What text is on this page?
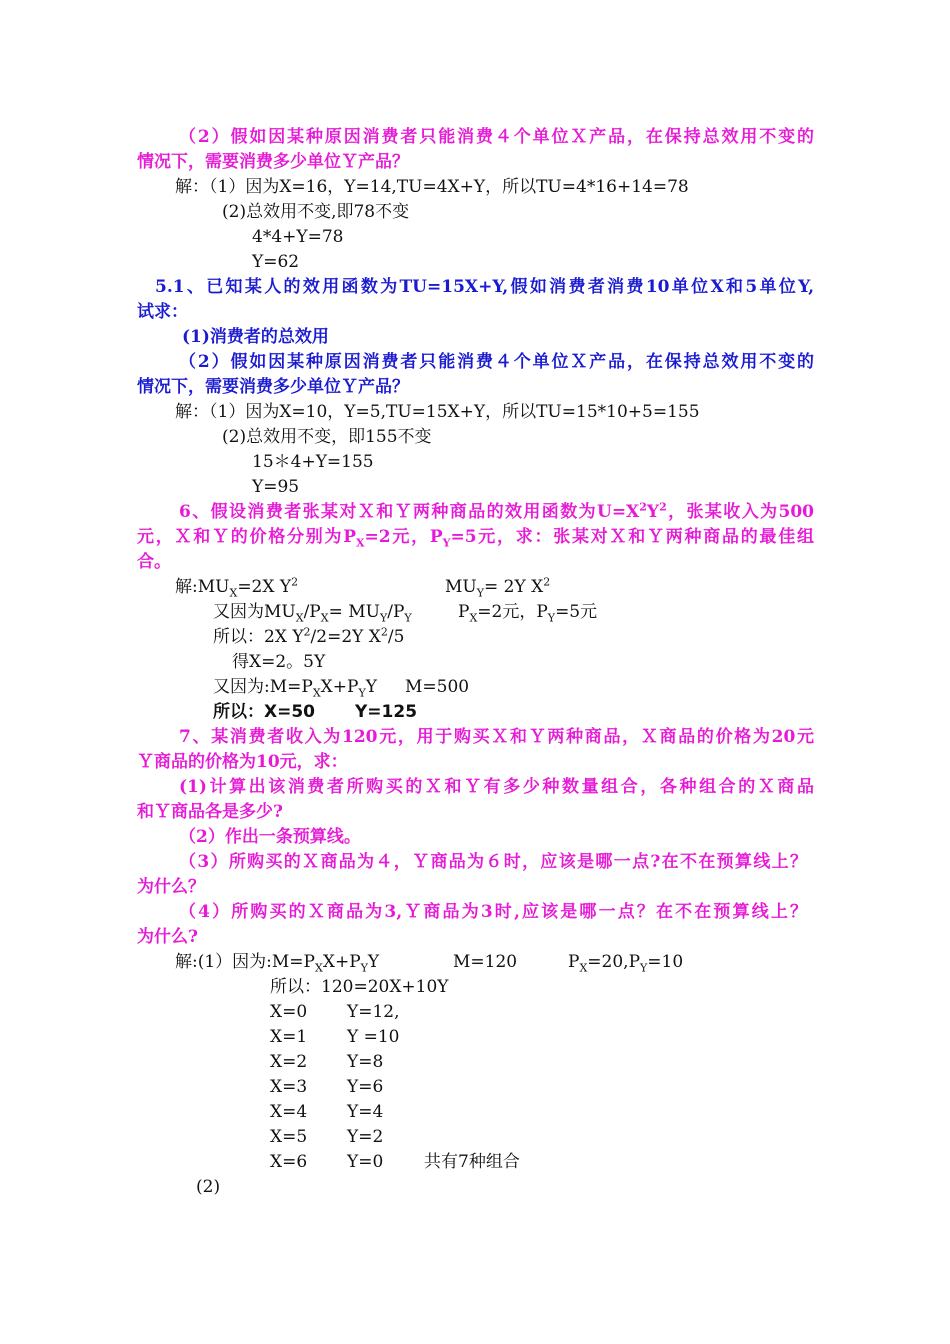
（2）假如因某种原因消费者只能消费４个单位Ｘ产品，在保持总效用不变的
情况下，需要消费多少单位Ｙ产品？
解：（1）因为X=16，Y=14,TU=4X+Y，所以TU=4*16+14=78
(2)总效用不变,即78不变
4*4+Y=78
Y=62
5.1、已知某人的效用函数为TU=15X+Y,假如消费者消费10单位X和5单位Y,
试求：
(1)消费者的总效用
（2）假如因某种原因消费者只能消费４个单位Ｘ产品，在保持总效用不变的
情况下，需要消费多少单位Ｙ产品？
解：（1）因为X=10，Y=5,TU=15X+Y，所以TU=15*10+5=155
(2)总效用不变，即155不变
15＊4+Y=155
Y=95
6、假设消费者张某对Ｘ和Ｙ两种商品的效用函数为$U=X^2Y^2$，张某收入为500
元，Ｘ和Ｙ的价格分别为$P_X=2$元，$P_Y=5$元，求：张某对Ｘ和Ｙ两种商品的最佳组
合。
解$:MU_X=2X$ $Y^2$	$MU_Y= 2Y$ $X^2$
又因为$MU_X/P_X= MU_Y/P_Y$	$P_X=2$元，$P_Y=5$元
所以：2X $Y^2/2=2Y$ $X^2/5$
得X=2。5Y
又因为$:M=P_XX+P_YY$ M=500
所以：X=50 Y=125
7、某消费者收入为120元，用于购买Ｘ和Ｙ两种商品，Ｘ商品的价格为20元
Ｙ商品的价格为10元，求：
(1)计算出该消费者所购买的Ｘ和Ｙ有多少种数量组合，各种组合的Ｘ商品
和Ｙ商品各是多少?
（2）作出一条预算线。
（3）所购买的Ｘ商品为４，Ｙ商品为６时，应该是哪一点?在不在预算线上？
为什么？
（4）所购买的Ｘ商品为3,Ｙ商品为3时,应该是哪一点？在不在预算线上？
为什么?
解:(1）因为$:M=P_XX+P_YY$	M=120	$P_X=20,P_Y=10$
所以：120=20X+10Y
X=0 Y=12,
X=1 Y =10
X=2 Y=8
X=3 Y=6
X=4 Y=4
X=5 Y=2
X=6 Y=0 共有7种组合
(2)
